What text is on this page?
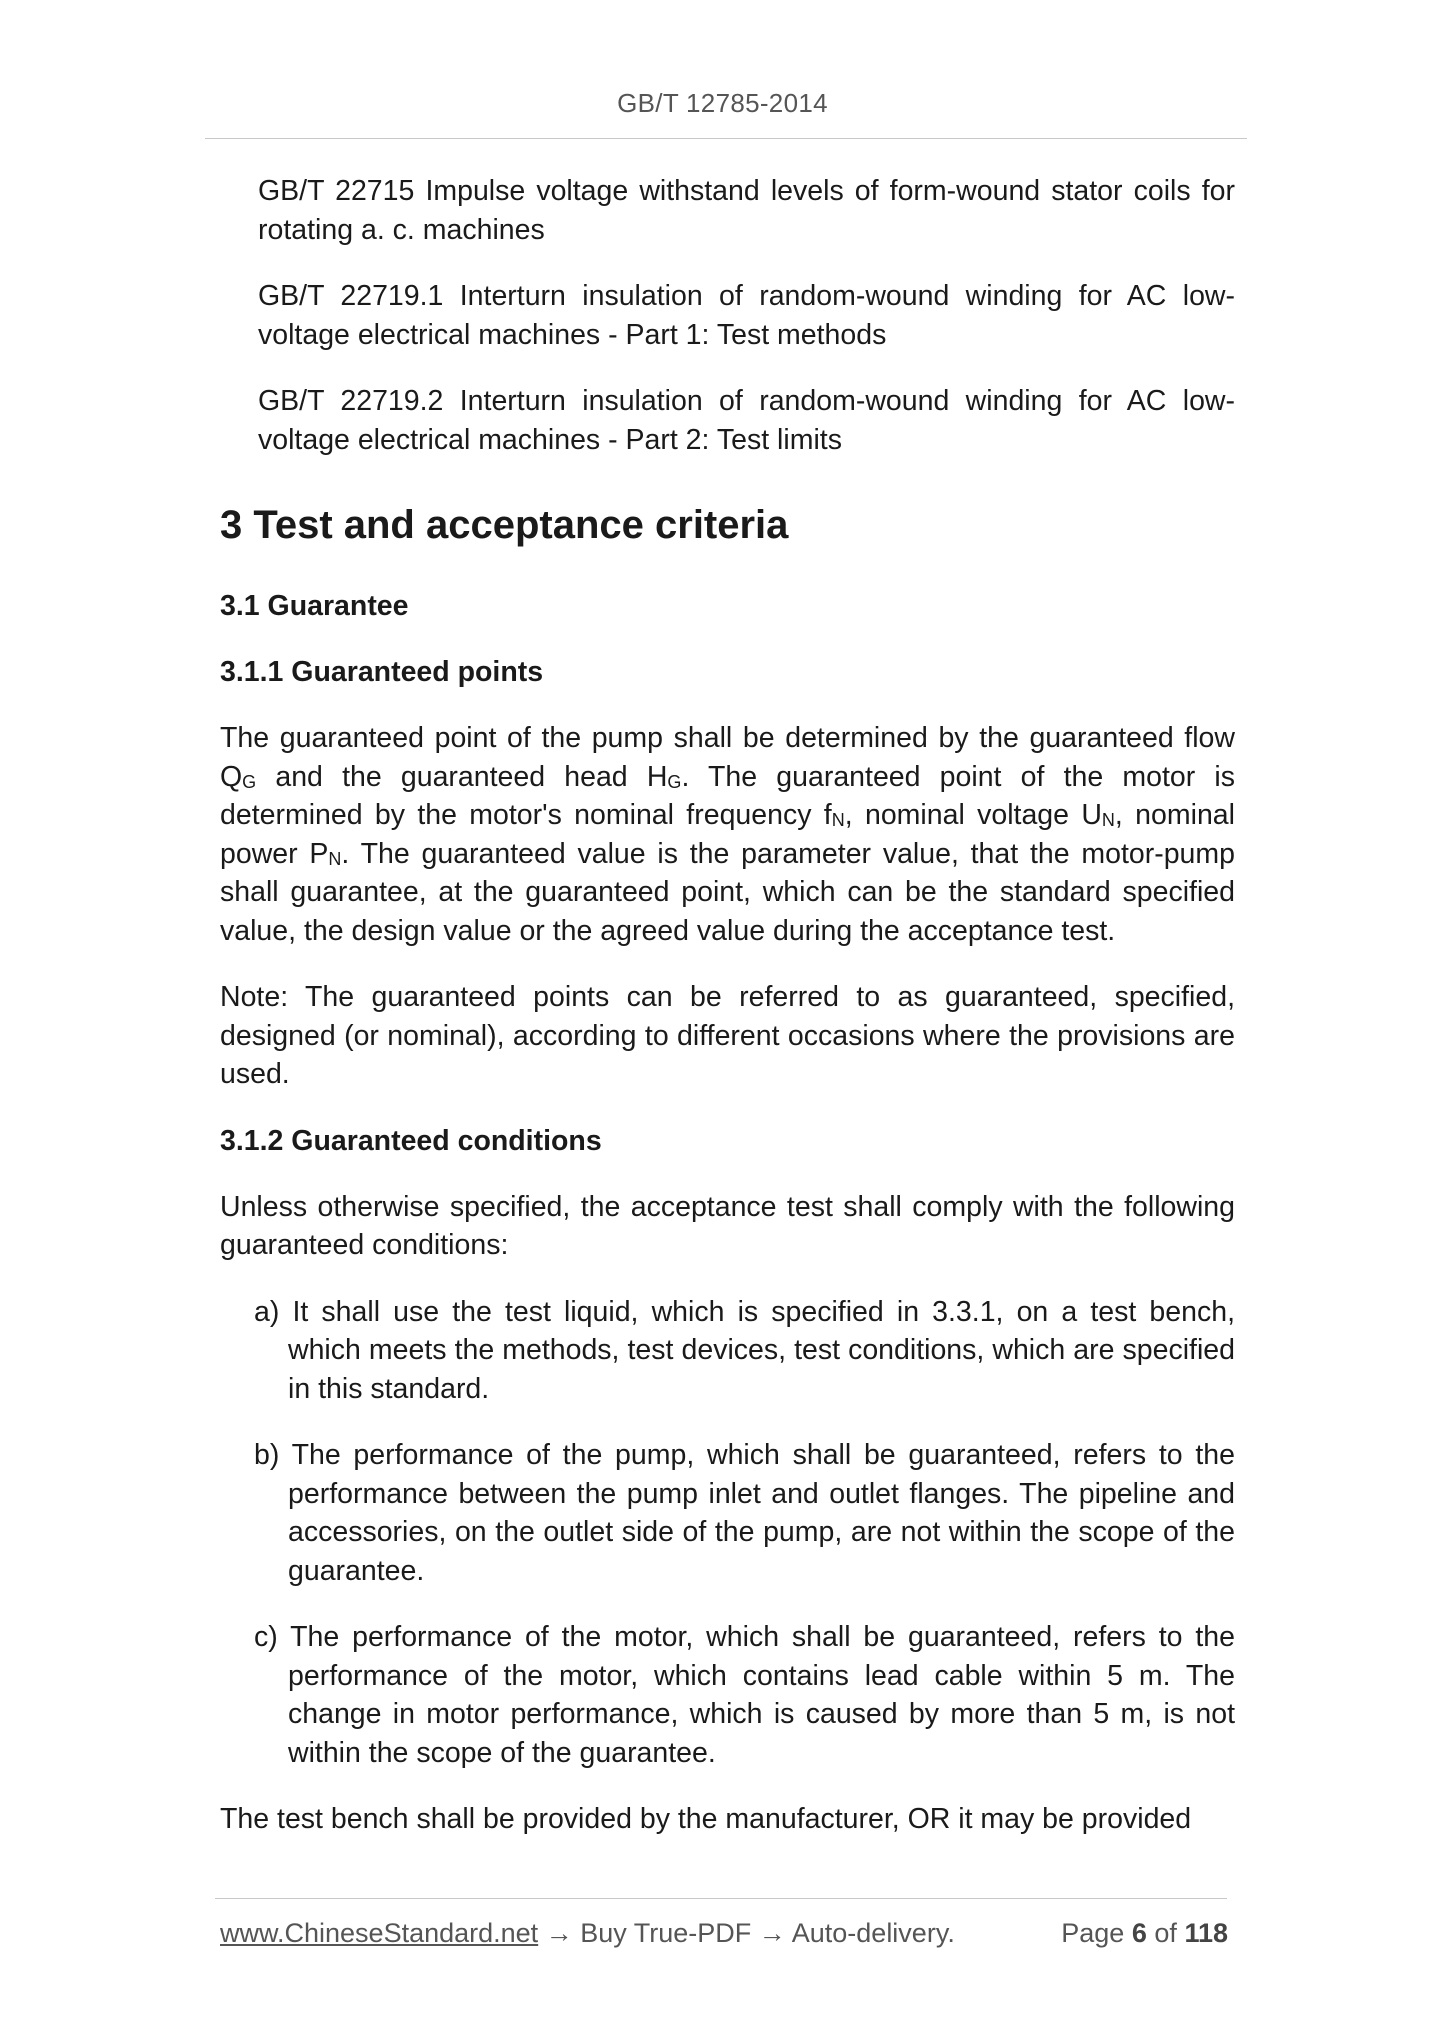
GB/T 12785-2014
GB/T 22715 Impulse voltage withstand levels of form-wound stator coils for rotating a. c. machines
GB/T 22719.1 Interturn insulation of random-wound winding for AC low-voltage electrical machines - Part 1: Test methods
GB/T 22719.2 Interturn insulation of random-wound winding for AC low-voltage electrical machines - Part 2: Test limits
3 Test and acceptance criteria
3.1 Guarantee
3.1.1 Guaranteed points

The guaranteed point of the pump shall be determined by the guaranteed flow $Q_G$ and the guaranteed head $H_G$. The guaranteed point of the motor is determined by the motor's nominal frequency $f_N$, nominal voltage $U_N$, nominal power $P_N$. The guaranteed value is the parameter value, that the motor-pump shall guarantee, at the guaranteed point, which can be the standard specified value, the design value or the agreed value during the acceptance test.

Note: The guaranteed points can be referred to as guaranteed, specified, designed (or nominal), according to different occasions where the provisions are used.

3.1.2 Guaranteed conditions

Unless otherwise specified, the acceptance test shall comply with the following guaranteed conditions:

a) It shall use the test liquid, which is specified in 3.3.1, on a test bench, which meets the methods, test devices, test conditions, which are specified in this standard.
b) The performance of the pump, which shall be guaranteed, refers to the performance between the pump inlet and outlet flanges. The pipeline and accessories, on the outlet side of the pump, are not within the scope of the guarantee.
c) The performance of the motor, which shall be guaranteed, refers to the performance of the motor, which contains lead cable within 5 m. The change in motor performance, which is caused by more than 5 m, is not within the scope of the guarantee.

The test bench shall be provided by the manufacturer, OR it may be provided

www.ChineseStandard.net → Buy True-PDF → Auto-delivery.	Page 6 of 118
